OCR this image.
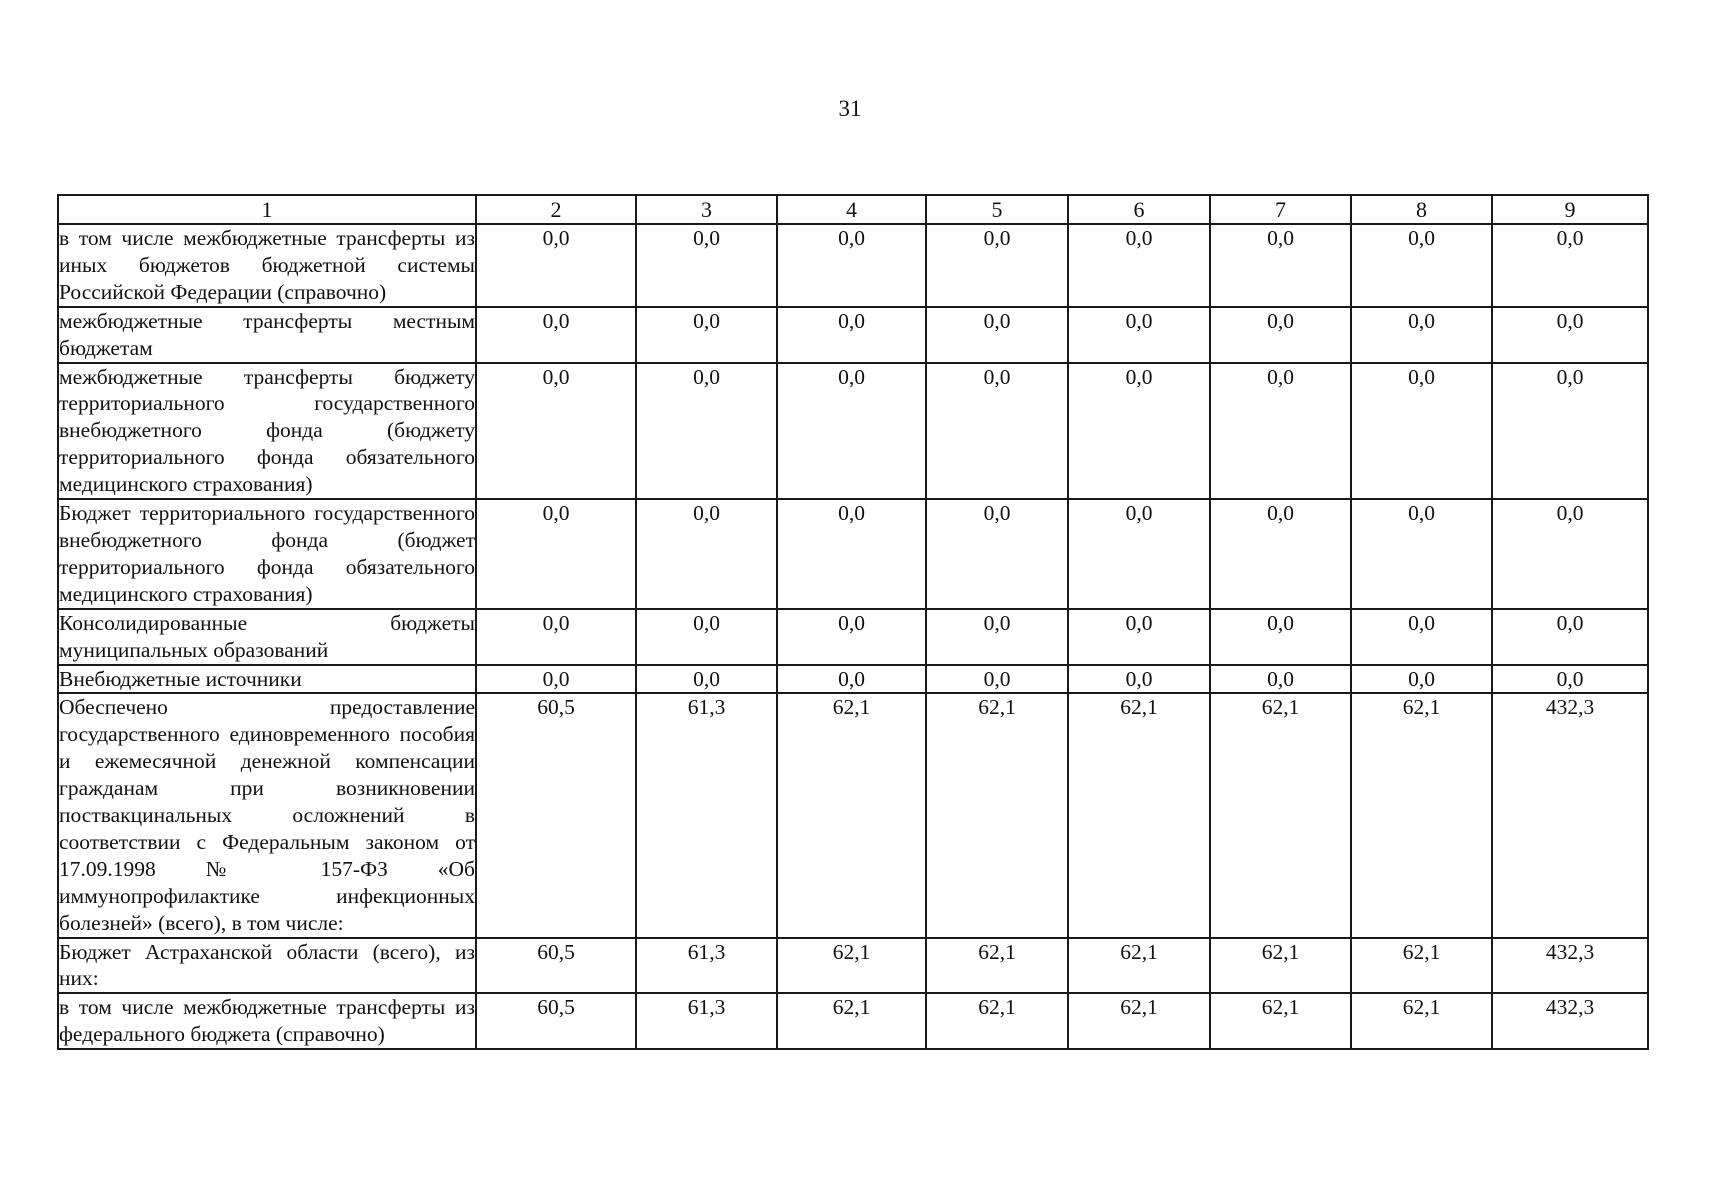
31
1	2	3	4	5	6	7	8	9
в том числе межбюджетные трансферты из иных бюджетов бюджетной системы Российской Федерации (справочно)	0,0	0,0	0,0	0,0	0,0	0,0	0,0	0,0
межбюджетные трансферты местным бюджетам	0,0	0,0	0,0	0,0	0,0	0,0	0,0	0,0
межбюджетные трансферты бюджету территориального государственного внебюджетного фонда (бюджету территориального фонда обязательного медицинского страхования)	0,0	0,0	0,0	0,0	0,0	0,0	0,0	0,0
Бюджет территориального государственного внебюджетного фонда (бюджет территориального фонда обязательного медицинского страхования)	0,0	0,0	0,0	0,0	0,0	0,0	0,0	0,0
Консолидированные бюджеты муниципальных образований	0,0	0,0	0,0	0,0	0,0	0,0	0,0	0,0
Внебюджетные источники	0,0	0,0	0,0	0,0	0,0	0,0	0,0	0,0
Обеспечено предоставление государственного единовременного пособия и ежемесячной денежной компенсации гражданам при возникновении поствакцинальных осложнений в соответствии с Федеральным законом от 17.09.1998 № 157-ФЗ «Об иммунопрофилактике инфекционных болезней» (всего), в том числе:	60,5	61,3	62,1	62,1	62,1	62,1	62,1	432,3
Бюджет Астраханской области (всего), из них:	60,5	61,3	62,1	62,1	62,1	62,1	62,1	432,3
в том числе межбюджетные трансферты из федерального бюджета (справочно)	60,5	61,3	62,1	62,1	62,1	62,1	62,1	432,3
